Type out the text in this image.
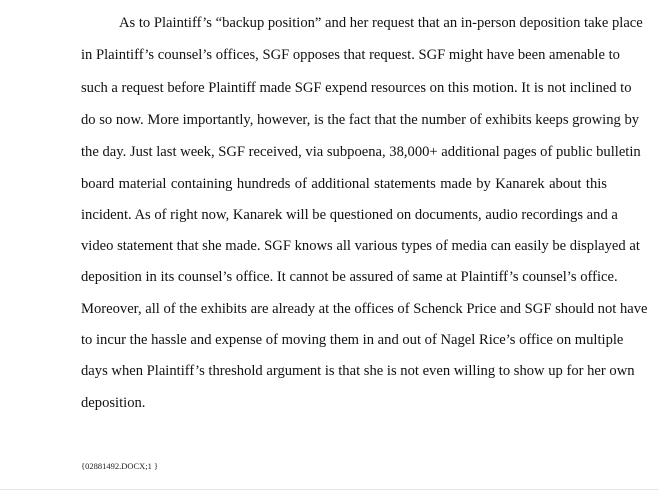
As to Plaintiff’s “backup position” and her request that an in-person deposition take place
in Plaintiff’s counsel’s offices, SGF opposes that request. SGF might have been amenable to
such a request before Plaintiff made SGF expend resources on this motion. It is not inclined to
do so now. More importantly, however, is the fact that the number of exhibits keeps growing by
the day. Just last week, SGF received, via subpoena, 38,000+ additional pages of public bulletin
board material containing hundreds of additional statements made by Kanarek about this
incident. As of right now, Kanarek will be questioned on documents, audio recordings and a
video statement that she made. SGF knows all various types of media can easily be displayed at
deposition in its counsel’s office. It cannot be assured of same at Plaintiff’s counsel’s office.
Moreover, all of the exhibits are already at the offices of Schenck Price and SGF should not have
to incur the hassle and expense of moving them in and out of Nagel Rice’s office on multiple
days when Plaintiff’s threshold argument is that she is not even willing to show up for her own
deposition.
{02881492.DOCX;1 }
